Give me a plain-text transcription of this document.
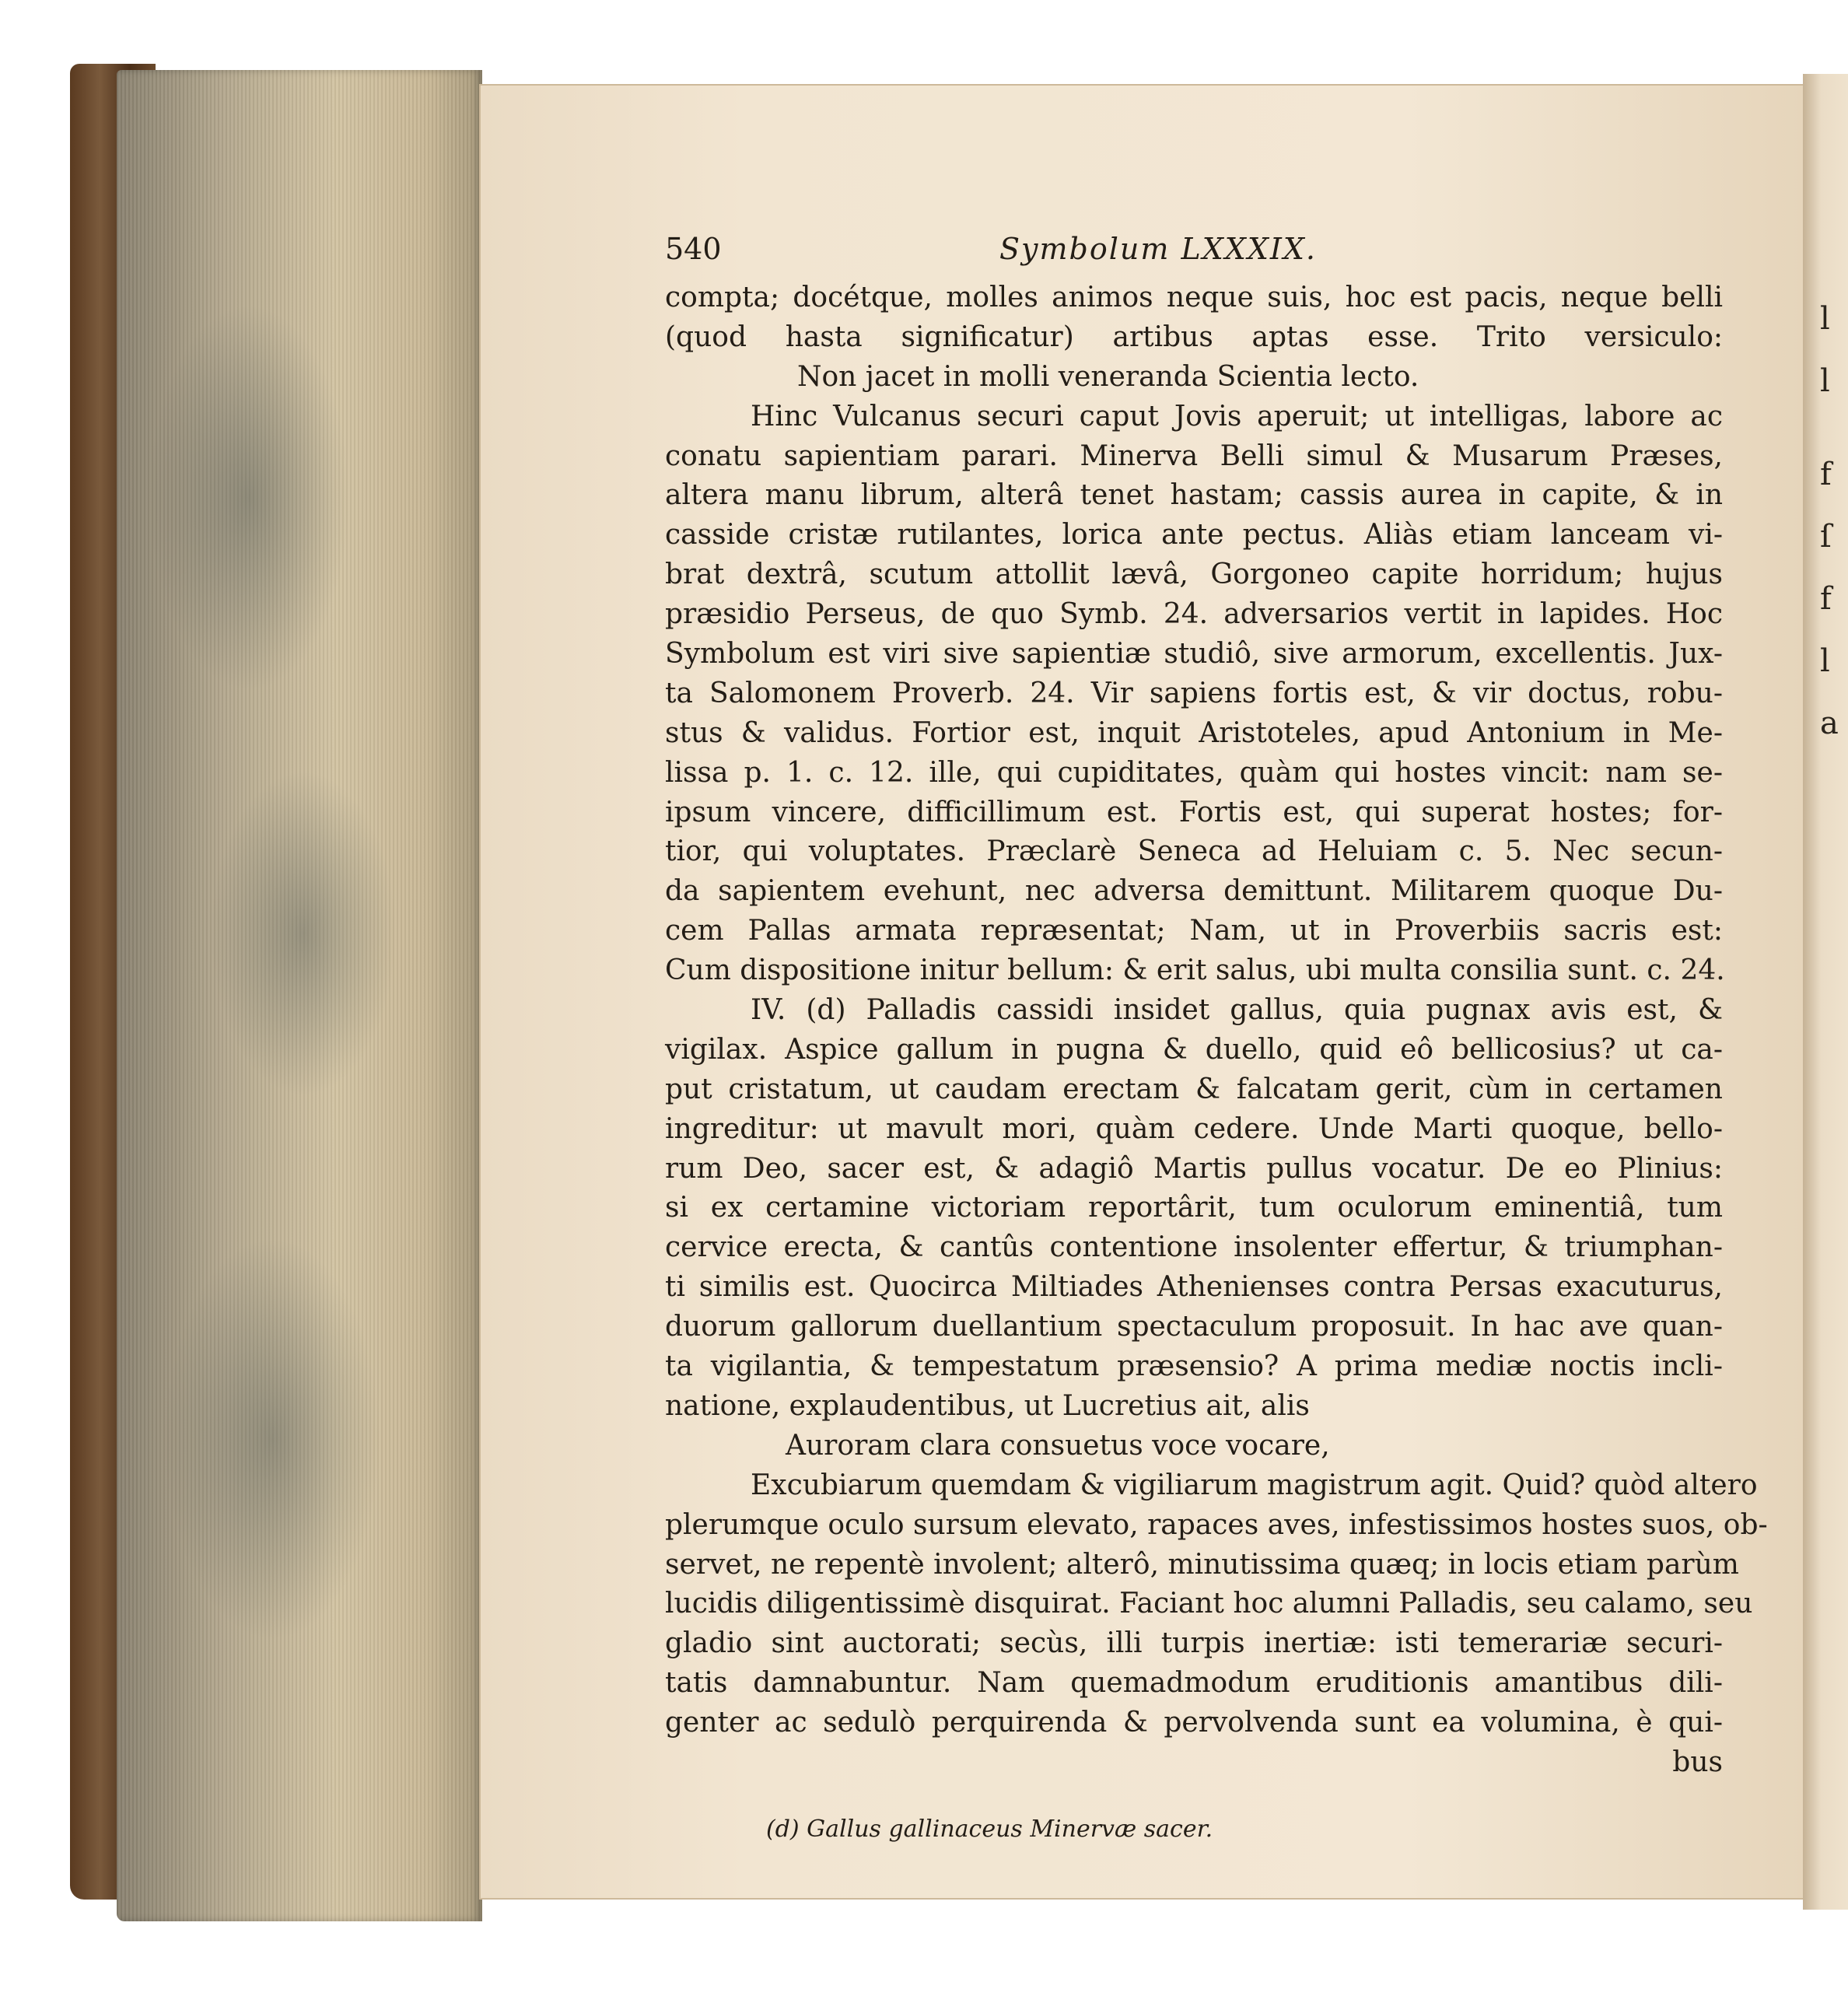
l
l
f
ſ
f
l
a
540	Symbolum LXXXIX.
compta; docétque, molles animos neque suis, hoc est pacis, neque belli
(quod hasta significatur) artibus aptas esse. Trito versiculo:
Non jacet in molli veneranda Scientia lecto.
Hinc Vulcanus securi caput Jovis aperuit; ut intelligas, labore ac
conatu sapientiam parari. Minerva Belli simul & Musarum Præses,
altera manu librum, alterâ tenet hastam; cassis aurea in capite, & in
casside cristæ rutilantes, lorica ante pectus. Aliàs etiam lanceam vi-
brat dextrâ, scutum attollit lævâ, Gorgoneo capite horridum; hujus
præsidio Perseus, de quo Symb. 24. adversarios vertit in lapides. Hoc
Symbolum est viri sive sapientiæ studiô, sive armorum, excellentis. Jux-
ta Salomonem Proverb. 24. Vir sapiens fortis est, & vir doctus, robu-
stus & validus. Fortior est, inquit Aristoteles, apud Antonium in Me-
lissa p. 1. c. 12. ille, qui cupiditates, quàm qui hostes vincit: nam se-
ipsum vincere, difficillimum est. Fortis est, qui superat hostes; for-
tior, qui voluptates. Præclarè Seneca ad Heluiam c. 5. Nec secun-
da sapientem evehunt, nec adversa demittunt. Militarem quoque Du-
cem Pallas armata repræsentat; Nam, ut in Proverbiis sacris est:
Cum dispositione initur bellum: & erit salus, ubi multa consilia sunt. c. 24.
IV. (d) Palladis cassidi insidet gallus, quia pugnax avis est, &
vigilax. Aspice gallum in pugna & duello, quid eô bellicosius? ut ca-
put cristatum, ut caudam erectam & falcatam gerit, cùm in certamen
ingreditur: ut mavult mori, quàm cedere. Unde Marti quoque, bello-
rum Deo, sacer est, & adagiô Martis pullus vocatur. De eo Plinius:
si ex certamine victoriam reportârit, tum oculorum eminentiâ, tum
cervice erecta, & cantûs contentione insolenter effertur, & triumphan-
ti similis est. Quocirca Miltiades Athenienses contra Persas exacuturus,
duorum gallorum duellantium spectaculum proposuit. In hac ave quan-
ta vigilantia, & tempestatum præsensio? A prima mediæ noctis incli-
natione, explaudentibus, ut Lucretius ait, alis
Auroram clara consuetus voce vocare,
Excubiarum quemdam & vigiliarum magistrum agit. Quid? quòd altero
plerumque oculo sursum elevato, rapaces aves, infestissimos hostes suos, ob-
servet, ne repentè involent; alterô, minutissima quæq; in locis etiam parùm
lucidis diligentissimè disquirat. Faciant hoc alumni Palladis, seu calamo, seu
gladio sint auctorati; secùs, illi turpis inertiæ: isti temerariæ securi-
tatis damnabuntur. Nam quemadmodum eruditionis amantibus dili-
genter ac sedulò perquirenda & pervolvenda sunt ea volumina, è qui-
bus
(d) Gallus gallinaceus Minervæ sacer.
